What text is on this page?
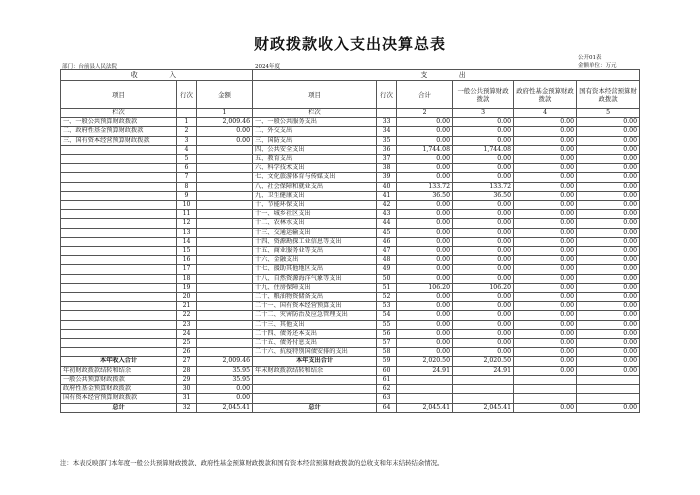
财政拨款收入支出决算总表
公开01表
金额单位：万元
部门：台前县人民法院	2024年度
收　　入			支　　出					
项目	行次	金额	项目	行次	合计	一般公共预算财政拨款	政府性基金预算财政拨款	国有资本经营预算财政拨款
栏次		1	栏次		2	3	4	5
一、一般公共预算财政拨款	1	2,009.46	一、一般公共服务支出	33	0.00	0.00	0.00	0.00
二、政府性基金预算财政拨款	2	0.00	二、外交支出	34	0.00	0.00	0.00	0.00
三、国有资本经营预算财政拨款	3	0.00	三、国防支出	35	0.00	0.00	0.00	0.00
	4		四、公共安全支出	36	1,744.08	1,744.08	0.00	0.00
	5		五、教育支出	37	0.00	0.00	0.00	0.00
	6		六、科学技术支出	38	0.00	0.00	0.00	0.00
	7		七、文化旅游体育与传媒支出	39	0.00	0.00	0.00	0.00
	8		八、社会保障和就业支出	40	133.72	133.72	0.00	0.00
	9		九、卫生健康支出	41	36.50	36.50	0.00	0.00
	10		十、节能环保支出	42	0.00	0.00	0.00	0.00
	11		十一、城乡社区支出	43	0.00	0.00	0.00	0.00
	12		十二、农林水支出	44	0.00	0.00	0.00	0.00
	13		十三、交通运输支出	45	0.00	0.00	0.00	0.00
	14		十四、资源勘探工业信息等支出	46	0.00	0.00	0.00	0.00
	15		十五、商业服务业等支出	47	0.00	0.00	0.00	0.00
	16		十六、金融支出	48	0.00	0.00	0.00	0.00
	17		十七、援助其他地区支出	49	0.00	0.00	0.00	0.00
	18		十八、自然资源海洋气象等支出	50	0.00	0.00	0.00	0.00
	19		十九、住房保障支出	51	106.20	106.20	0.00	0.00
	20		二十、粮油物资储备支出	52	0.00	0.00	0.00	0.00
	21		二十一、国有资本经营预算支出	53	0.00	0.00	0.00	0.00
	22		二十二、灾害防治及应急管理支出	54	0.00	0.00	0.00	0.00
	23		二十三、其他支出	55	0.00	0.00	0.00	0.00
	24		二十四、债务还本支出	56	0.00	0.00	0.00	0.00
	25		二十五、债务付息支出	57	0.00	0.00	0.00	0.00
	26		二十六、抗疫特别国债安排的支出	58	0.00	0.00	0.00	0.00
本年收入合计	27	2,009.46	本年支出合计	59	2,020.50	2,020.50	0.00	0.00
年初财政拨款结转和结余	28	35.95	年末财政拨款结转和结余	60	24.91	24.91	0.00	0.00
一般公共预算财政拨款	29	35.95		61				
政府性基金预算财政拨款	30	0.00		62				
国有资本经营预算财政拨款	31	0.00		63				
总计	32	2,045.41	总计	64	2,045.41	2,045.41	0.00	0.00
注：本表反映部门本年度一般公共预算财政拨款、政府性基金预算财政拨款和国有资本经营预算财政拨款的总收支和年末结转结余情况。
